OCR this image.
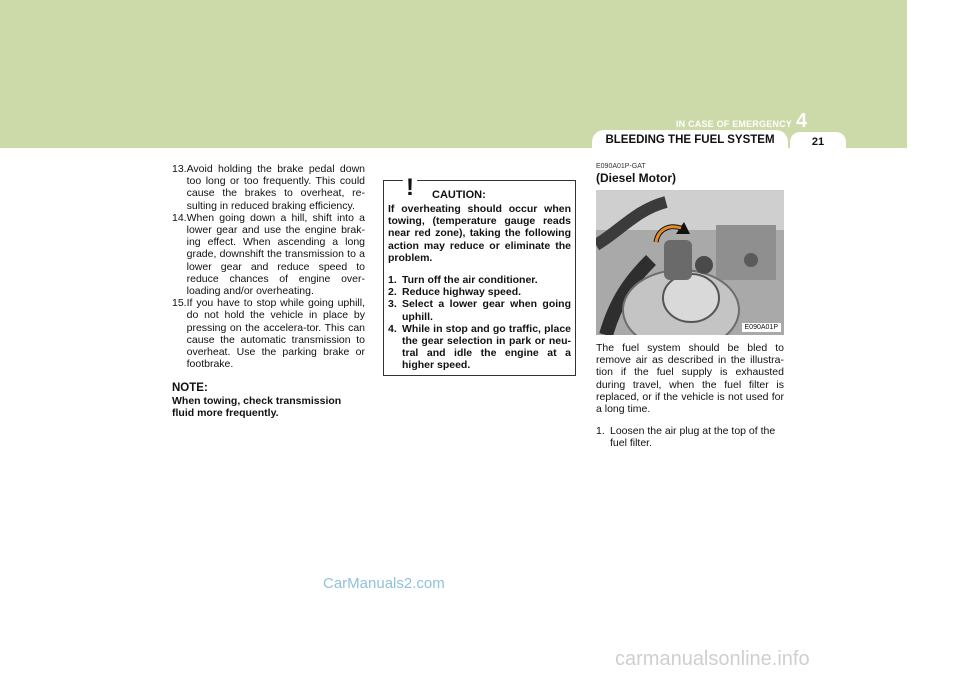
IN CASE OF EMERGENCY 4
BLEEDING THE FUEL SYSTEM	21
13. Avoid holding the brake pedal down too long or too frequently. This could cause the brakes to overheat, re-sulting in reduced braking efficiency.
14. When going down a hill, shift into a lower gear and use the engine brak-ing effect. When ascending a long grade, downshift the transmission to a lower gear and reduce speed to reduce chances of engine over-loading and/or overheating.
15. If you have to stop while going uphill, do not hold the vehicle in place by pressing on the accelera-tor. This can cause the automatic transmission to overheat. Use the parking brake or footbrake.
NOTE:
When towing, check transmission fluid more frequently.
! CAUTION:
If overheating should occur when towing, (temperature gauge reads near red zone), taking the following action may reduce or eliminate the problem.
1. Turn off the air conditioner.
2. Reduce highway speed.
3. Select a lower gear when going uphill.
4. While in stop and go traffic, place the gear selection in park or neu-tral and idle the engine at a higher speed.
E090A01P-GAT
(Diesel Motor)
E090A01P
The fuel system should be bled to remove air as described in the illustra-tion if the fuel supply is exhausted during travel, when the fuel filter is replaced, or if the vehicle is not used for a long time.
1. Loosen the air plug at the top of the fuel filter.
CarManuals2.com
carmanualsonline.info
